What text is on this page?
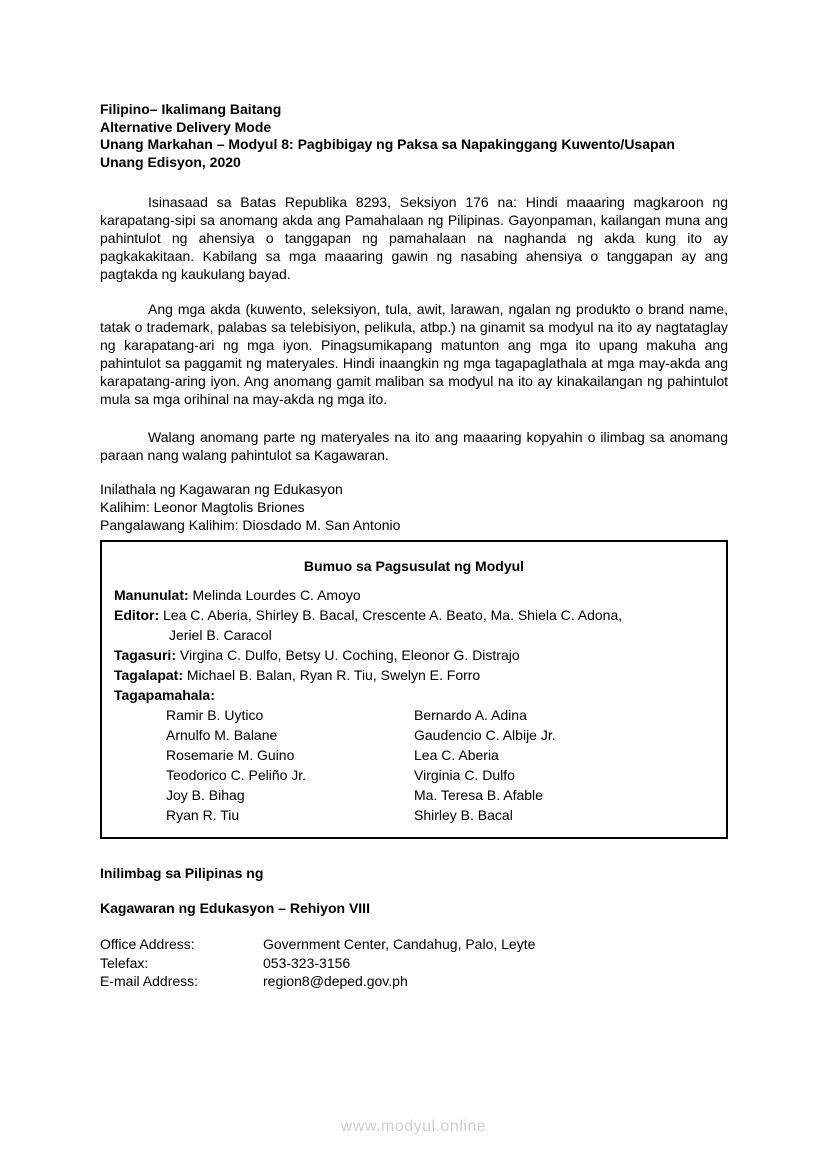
Filipino– Ikalimang Baitang
Alternative Delivery Mode
Unang Markahan – Modyul 8: Pagbibigay ng Paksa sa Napakinggang Kuwento/Usapan
Unang Edisyon, 2020

Isinasaad sa Batas Republika 8293, Seksiyon 176 na: Hindi maaaring magkaroon ng karapatang-sipi sa anomang akda ang Pamahalaan ng Pilipinas. Gayonpaman, kailangan muna ang pahintulot ng ahensiya o tanggapan ng pamahalaan na naghanda ng akda kung ito ay pagkakakitaan. Kabilang sa mga maaaring gawin ng nasabing ahensiya o tanggapan ay ang pagtakda ng kaukulang bayad.

Ang mga akda (kuwento, seleksiyon, tula, awit, larawan, ngalan ng produkto o brand name, tatak o trademark, palabas sa telebisiyon, pelikula, atbp.) na ginamit sa modyul na ito ay nagtataglay ng karapatang-ari ng mga iyon. Pinagsumikapang matunton ang mga ito upang makuha ang pahintulot sa paggamit ng materyales. Hindi inaangkin ng mga tagapaglathala at mga may-akda ang karapatang-aring iyon. Ang anomang gamit maliban sa modyul na ito ay kinakailangan ng pahintulot mula sa mga orihinal na may-akda ng mga ito.

Walang anomang parte ng materyales na ito ang maaaring kopyahin o ilimbag sa anomang paraan nang walang pahintulot sa Kagawaran.

Inilathala ng Kagawaran ng Edukasyon
Kalihim: Leonor Magtolis Briones
Pangalawang Kalihim: Diosdado M. San Antonio
Bumuo sa Pagsusulat ng Modyul
Manunulat: Melinda Lourdes C. Amoyo
Editor: Lea C. Aberia, Shirley B. Bacal, Crescente A. Beato, Ma. Shiela C. Adona,
Jeriel B. Caracol
Tagasuri: Virgina C. Dulfo, Betsy U. Coching, Eleonor G. Distrajo
Tagalapat: Michael B. Balan, Ryan R. Tiu, Swelyn E. Forro
Tagapamahala:
Ramir B. Uytico	Bernardo A. Adina
Arnulfo M. Balane	Gaudencio C. Albije Jr.
Rosemarie M. Guino	Lea C. Aberia
Teodorico C. Peliño Jr.	Virginia C. Dulfo
Joy B. Bihag	Ma. Teresa B. Afable
Ryan R. Tiu	Shirley B. Bacal
Inilimbag sa Pilipinas ng
Kagawaran ng Edukasyon – Rehiyon VIII
Office Address:	Government Center, Candahug, Palo, Leyte
Telefax:	053-323-3156
E-mail Address:	region8@deped.gov.ph
www.modyul.online
